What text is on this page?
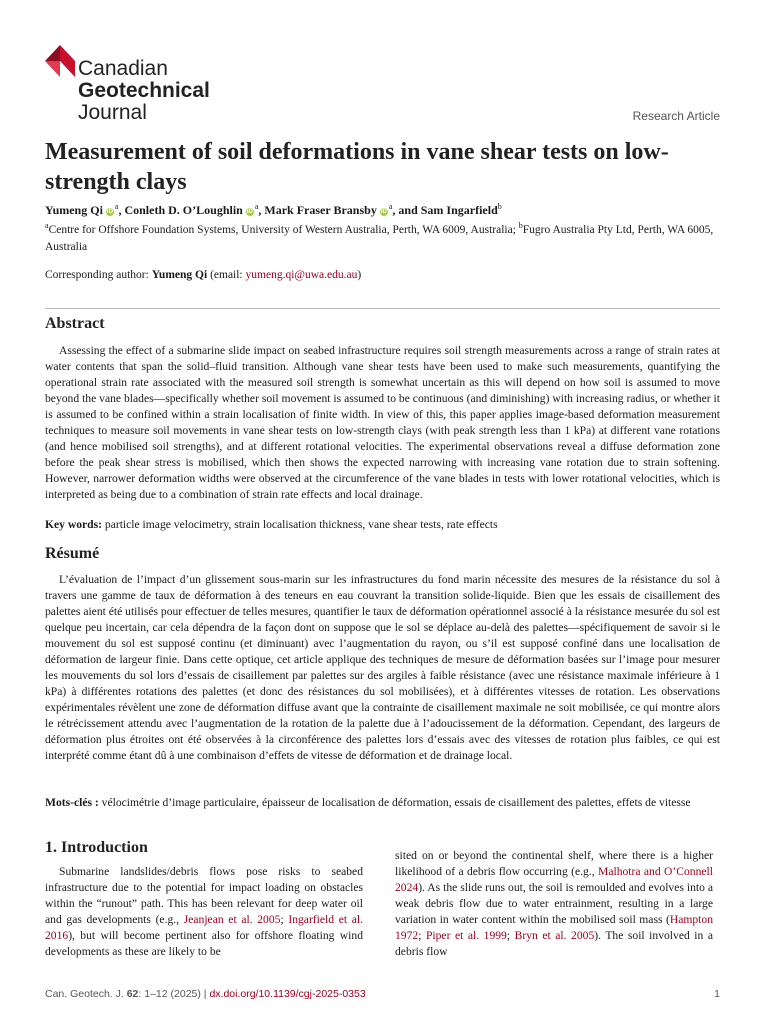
Canadian
Geotechnical
Journal	Research Article
Measurement of soil deformations in vane shear tests on low-strength clays
Yumeng Qi $iD^a$, Conleth D. O’Loughlin $iD^a$, Mark Fraser Bransby $iD^a$, and Sam Ingarfield$^b$
$^a$Centre for Offshore Foundation Systems, University of Western Australia, Perth, WA 6009, Australia; $^b$Fugro Australia Pty Ltd, Perth, WA 6005, Australia
Corresponding author: Yumeng Qi (email: yumeng.qi@uwa.edu.au)
Abstract

Assessing the effect of a submarine slide impact on seabed infrastructure requires soil strength measurements across a range of strain rates at water contents that span the solid–fluid transition. Although vane shear tests have been used to make such measurements, quantifying the operational strain rate associated with the measured soil strength is somewhat uncertain as this will depend on how soil is assumed to move beyond the vane blades—specifically whether soil movement is assumed to be continuous (and diminishing) with increasing radius, or whether it is assumed to be confined within a strain localisation of finite width. In view of this, this paper applies image-based deformation measurement techniques to measure soil movements in vane shear tests on low-strength clays (with peak strength less than 1 kPa) at different vane rotations (and hence mobilised soil strengths), and at different rotational velocities. The experimental observations reveal a diffuse deformation zone before the peak shear stress is mobilised, which then shows the expected narrowing with increasing vane rotation due to strain softening. However, narrower deformation widths were observed at the circumference of the vane blades in tests with lower rotational velocities, which is interpreted as being due to a combination of strain rate effects and local drainage.

Key words: particle image velocimetry, strain localisation thickness, vane shear tests, rate effects

Résumé

L’évaluation de l’impact d’un glissement sous-marin sur les infrastructures du fond marin nécessite des mesures de la résistance du sol à travers une gamme de taux de déformation à des teneurs en eau couvrant la transition solide-liquide. Bien que les essais de cisaillement des palettes aient été utilisés pour effectuer de telles mesures, quantifier le taux de déformation opérationnel associé à la résistance mesurée du sol est quelque peu incertain, car cela dépendra de la façon dont on suppose que le sol se déplace au-delà des palettes—spécifiquement de savoir si le mouvement du sol est supposé continu (et diminuant) avec l’augmentation du rayon, ou s’il est supposé confiné dans une localisation de déformation de largeur finie. Dans cette optique, cet article applique des techniques de mesure de déformation basées sur l’image pour mesurer les mouvements du sol lors d’essais de cisaillement par palettes sur des argiles à faible résistance (avec une résistance maximale inférieure à 1 kPa) à différentes rotations des palettes (et donc des résistances du sol mobilisées), et à différentes vitesses de rotation. Les observations expérimentales révèlent une zone de déformation diffuse avant que la contrainte de cisaillement maximale ne soit mobilisée, ce qui montre alors le rétrécissement attendu avec l’augmentation de la rotation de la palette due à l’adoucissement de la déformation. Cependant, des largeurs de déformation plus étroites ont été observées à la circonférence des palettes lors d’essais avec des vitesses de rotation plus faibles, ce qui est interprété comme étant dû à une combinaison d’effets de vitesse de déformation et de drainage local.

Mots-clés : vélocimétrie d’image particulaire, épaisseur de localisation de déformation, essais de cisaillement des palettes, effets de vitesse

1. Introduction

Submarine landslides/debris flows pose risks to seabed infrastructure due to the potential for impact loading on obstacles within the “runout” path. This has been relevant for deep water oil and gas developments (e.g., Jeanjean et al. 2005; Ingarfield et al. 2016), but will become pertinent also for offshore floating wind developments as these are likely to be

sited on or beyond the continental shelf, where there is a higher likelihood of a debris flow occurring (e.g., Malhotra and O’Connell 2024). As the slide runs out, the soil is remoulded and evolves into a weak debris flow due to water entrainment, resulting in a large variation in water content within the mobilised soil mass (Hampton 1972; Piper et al. 1999; Bryn et al. 2005). The soil involved in a debris flow

Can. Geotech. J. 62: 1–12 (2025) | dx.doi.org/10.1139/cgj-2025-0353	1
